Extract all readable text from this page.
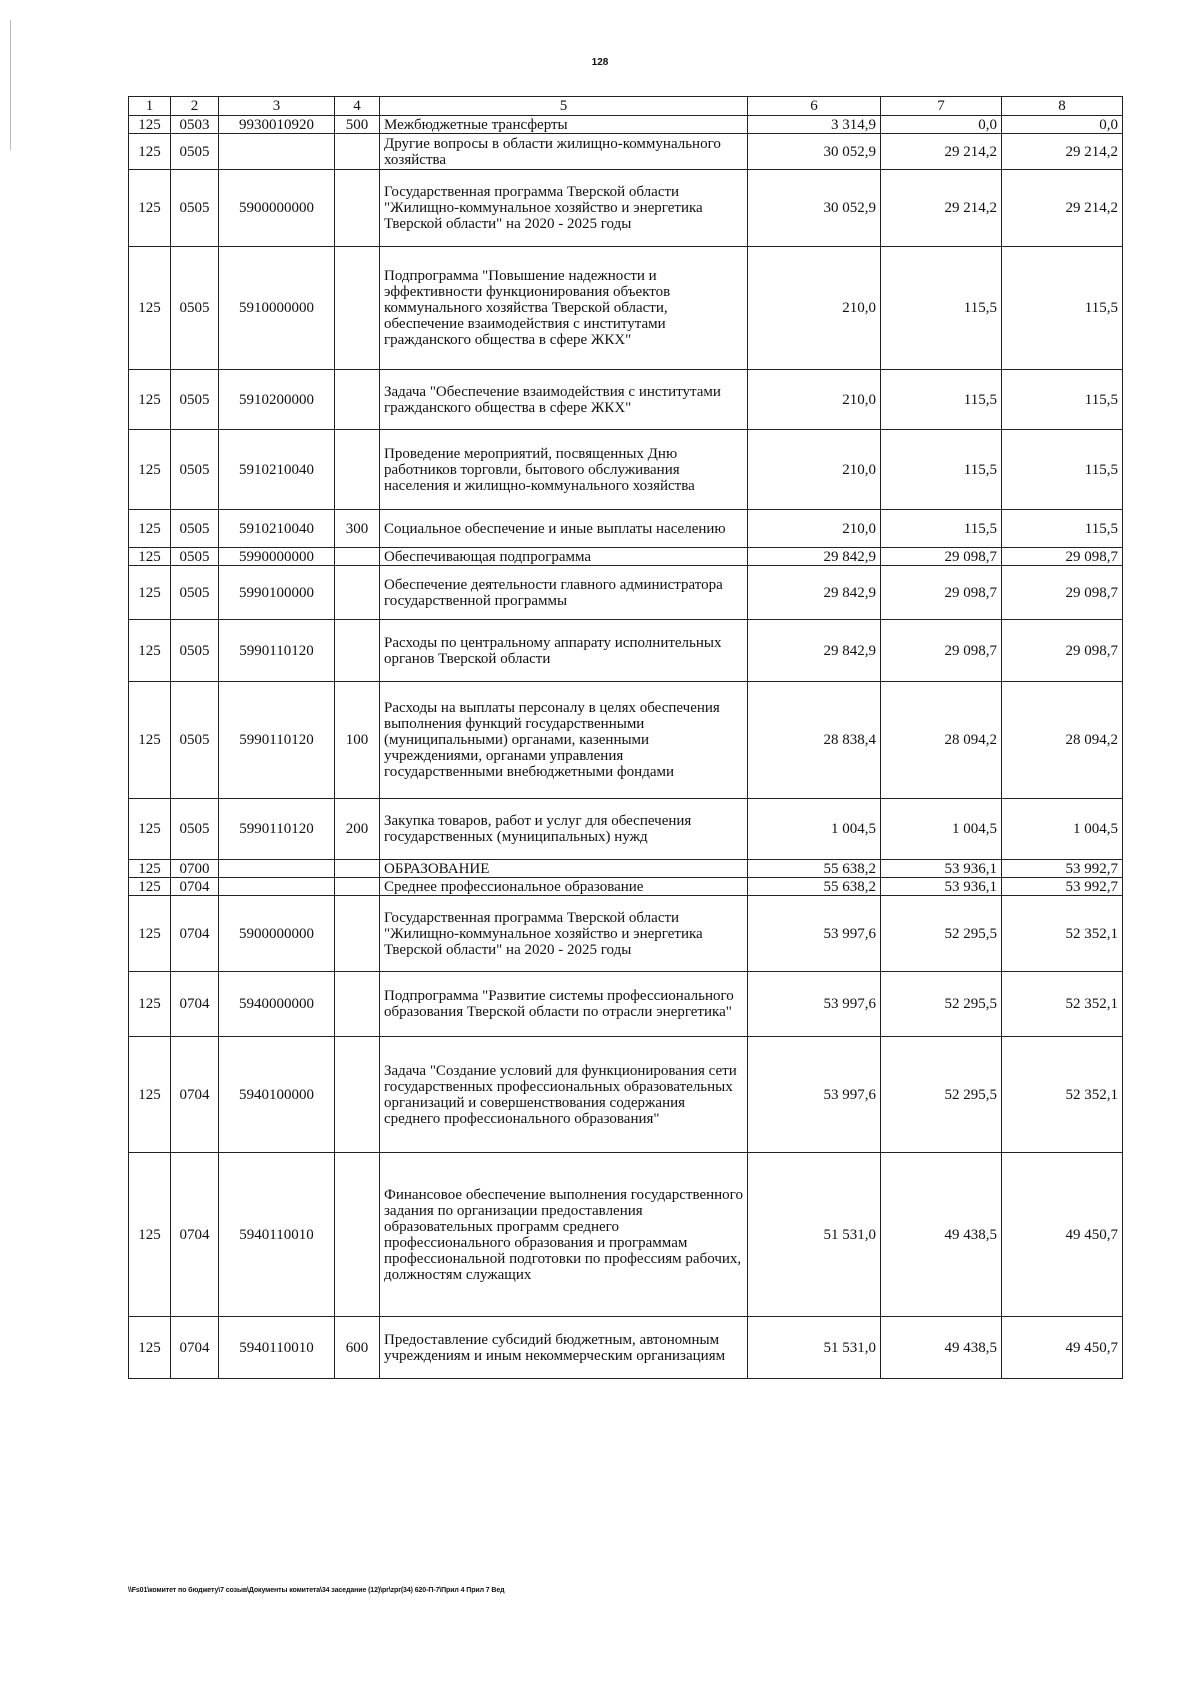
128
1	2	3	4	5	6	7	8
125	0503	9930010920	500	Межбюджетные трансферты	3 314,9	0,0	0,0
125	0505			Другие вопросы в области жилищно-коммунального хозяйства	30 052,9	29 214,2	29 214,2
125	0505	5900000000		Государственная программа Тверской области "Жилищно-коммунальное хозяйство и энергетика Тверской области" на 2020 - 2025 годы	30 052,9	29 214,2	29 214,2
125	0505	5910000000		Подпрограмма "Повышение надежности и эффективности функционирования объектов коммунального хозяйства Тверской области, обеспечение взаимодействия с институтами гражданского общества в сфере ЖКХ"	210,0	115,5	115,5
125	0505	5910200000		Задача "Обеспечение взаимодействия с институтами гражданского общества в сфере ЖКХ"	210,0	115,5	115,5
125	0505	5910210040		Проведение мероприятий, посвященных Дню работников торговли, бытового обслуживания населения и жилищно-коммунального хозяйства	210,0	115,5	115,5
125	0505	5910210040	300	Социальное обеспечение и иные выплаты населению	210,0	115,5	115,5
125	0505	5990000000		Обеспечивающая подпрограмма	29 842,9	29 098,7	29 098,7
125	0505	5990100000		Обеспечение деятельности главного администратора государственной программы	29 842,9	29 098,7	29 098,7
125	0505	5990110120		Расходы по центральному аппарату исполнительных органов Тверской области	29 842,9	29 098,7	29 098,7
125	0505	5990110120	100	Расходы на выплаты персоналу в целях обеспечения выполнения функций государственными (муниципальными) органами, казенными учреждениями, органами управления государственными внебюджетными фондами	28 838,4	28 094,2	28 094,2
125	0505	5990110120	200	Закупка товаров, работ и услуг для обеспечения государственных (муниципальных) нужд	1 004,5	1 004,5	1 004,5
125	0700			ОБРАЗОВАНИЕ	55 638,2	53 936,1	53 992,7
125	0704			Среднее профессиональное образование	55 638,2	53 936,1	53 992,7
125	0704	5900000000		Государственная программа Тверской области "Жилищно-коммунальное хозяйство и энергетика Тверской области" на 2020 - 2025 годы	53 997,6	52 295,5	52 352,1
125	0704	5940000000		Подпрограмма "Развитие системы профессионального образования Тверской области по отрасли энергетика"	53 997,6	52 295,5	52 352,1
125	0704	5940100000		Задача "Создание условий для функционирования сети государственных профессиональных образовательных организаций и совершенствования содержания среднего профессионального образования"	53 997,6	52 295,5	52 352,1
125	0704	5940110010		Финансовое обеспечение выполнения государственного задания по организации предоставления образовательных программ среднего профессионального образования и программам профессиональной подготовки по профессиям рабочих, должностям служащих	51 531,0	49 438,5	49 450,7
125	0704	5940110010	600	Предоставление субсидий бюджетным, автономным учреждениям и иным некоммерческим организациям	51 531,0	49 438,5	49 450,7
\\Fs01\комитет по бюджету\7 созыв\Документы комитета\34 заседание (12)\pr\zpr(34) 620-П-7\Прил 4 Прил 7 Вед
